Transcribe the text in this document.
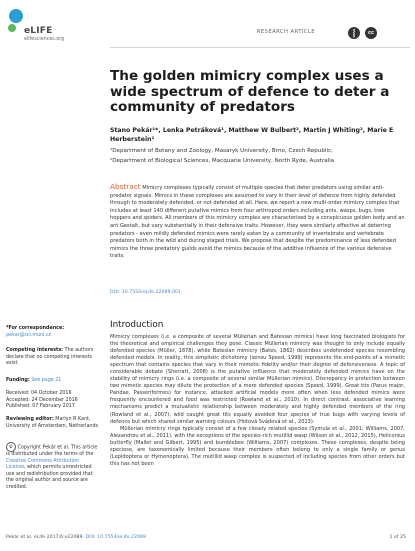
eLIFE
elifesciences.org
RESEARCH ARTICLE	⸾	cc
The golden mimicry complex uses a wide spectrum of defence to deter a community of predators
Stano Pekár¹*, Lenka Petráková¹, Matthew W Bulbert², Martin J Whiting², Marie E Herberstein²
¹Department of Botany and Zoology, Masaryk University, Brno, Czech Republic;
²Department of Biological Sciences, Macquarie University, North Ryde, Australia
Abstract Mimicry complexes typically consist of multiple species that deter predators using similar anti-predator signals. Mimics in these complexes are assumed to vary in their level of defence from highly defended through to moderately defended, or not defended at all. Here, we report a new multi-order mimicry complex that includes at least 140 different putative mimics from four arthropod orders including ants, wasps, bugs, tree hoppers and spiders. All members of this mimicry complex are characterised by a conspicuous golden body and an ant Gestalt, but vary substantially in their defensive traits. However, they were similarly effective at deterring predators - even mildly defended mimics were rarely eaten by a community of invertebrate and vertebrate predators both in the wild and during staged trials. We propose that despite the predominance of less defended mimics the three predatory guilds avoid the mimics because of the additive influence of the various defensive traits.
DOI: 10.7554/eLife.22089.001
*For correspondence: pekar@sci.muni.cz
Competing interests: The authors declare that no competing interests exist.
Funding: See page 21
Received: 04 October 2016
Accepted: 24 December 2016
Published: 07 February 2017
Reviewing editor: Marlyn R Kant, University of Amsterdam, Netherlands
© Copyright Pekár et al. This article is distributed under the terms of the Creative Commons Attribution License, which permits unrestricted use and redistribution provided that the original author and source are credited.
Introduction

Mimicry complexes (i.e. a composite of several Müllerian and Batesian mimics) have long fascinated biologists for the theoretical and empirical challenges they pose. Classic Müllerian mimicry was thought to only include equally defended species (Müller, 1878), while Batesian mimicry (Bates, 1862) describes undefended species resembling defended models. In reality, this simplistic dichotomy (sensu Speed, 1999) represents the end-points of a mimetic spectrum that contains species that vary in their mimetic fidelity and/or their degree of defensiveness. A topic of considerable debate (Sherratt, 2008) is the putative influence that moderately defended mimics have on the stability of mimicry rings (i.e. a composite of several similar Müllerian mimics). Discrepancy in protection between two mimetic species may dilute the protection of a more defended species (Speed, 1999). Great tits (Parus major, Paridae, Passeriformes) for instance, attacked artificial models more often when less defended mimics were frequently encountered and food was restricted (Rowland et al., 2010). In direct contrast, associative learning mechanisms predict a mutualistic relationship between moderately and highly defended members of the ring (Rowland et al., 2007): wild caught great tits equally avoided four species of true bugs with varying levels of defence but which shared similar warning colours (Hotová Svádová et al., 2013).

Müllerian mimicry rings typically consist of a few closely related species (Symula et al., 2001; Williams, 2007, Alexandrou et al., 2011), with the exceptions of the species-rich mutillid wasp (Wilson et al., 2012, 2015), Heliconius butterfly (Mallet and Gilbert, 1995) and bumblebee (Williams, 2007) complexes. These complexes, despite being speciose, are taxonomically limited because their members often belong to only a single family or genus (Lepidoptera or Hymenoptera). The mutillid wasp complex is suspected of including species from other orders but this has not been

Pekár et al. eLife 2017;6:e22089. DOI: 10.7554/eLife.22089	1 of 25
